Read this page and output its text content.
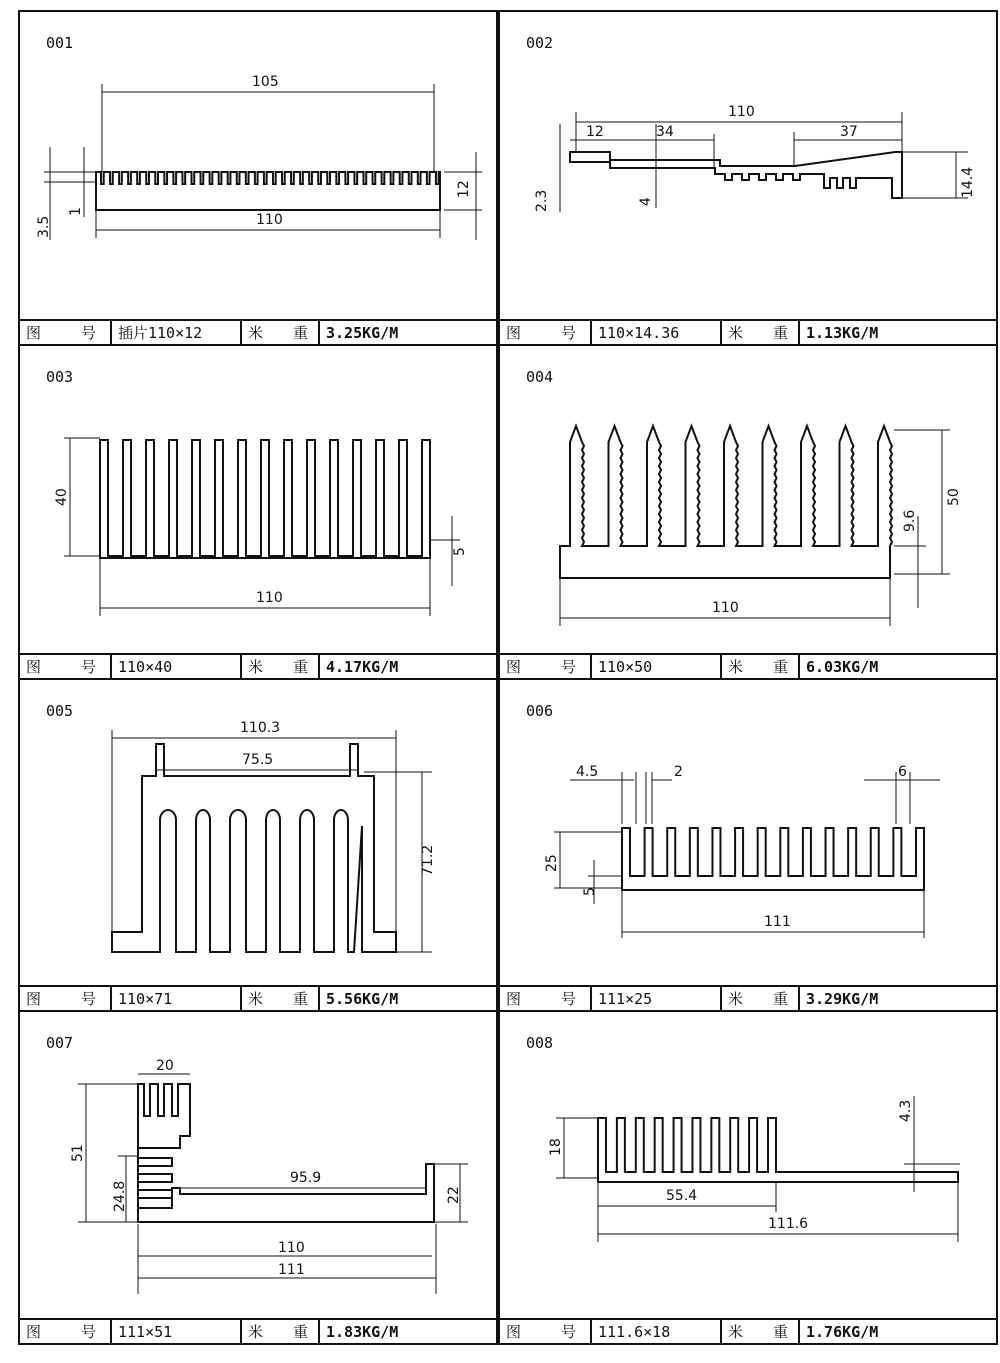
001
105
110
12
3.5
1
图	号	插片110×12	米 重	3.25KG/M
002
110
12	34	37
14.4
2.3	4
图	号	110×14.36	米 重	1.13KG/M
003
40
110
5
图	号	110×40	米 重	4.17KG/M
004
110
50
9.6
图	号	110×50	米 重	6.03KG/M
005
110.3
75.5
71.2
图	号	110×71	米 重	5.56KG/M
006
4.5	2	6
25
5
111
图	号	111×25	米 重	3.29KG/M
007
20
51
24.8
95.9
22
110
111
图	号	111×51	米 重	1.83KG/M
008
18
4.3
55.4
111.6
图	号	111.6×18	米 重	1.76KG/M
